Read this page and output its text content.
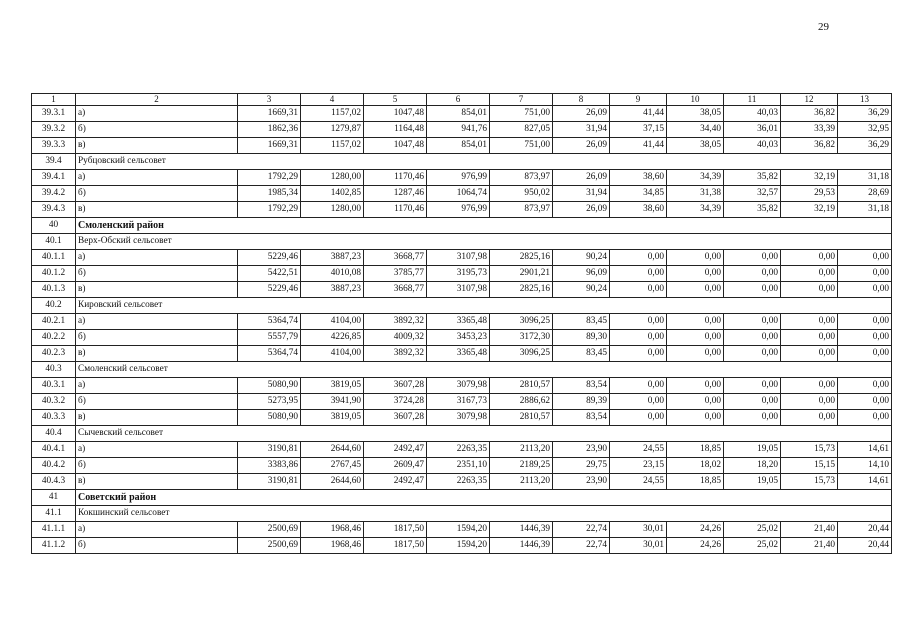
29
1	2	3	4	5	6	7	8	9	10	11	12	13
39.3.1	а)	1669,31	1157,02	1047,48	854,01	751,00	26,09	41,44	38,05	40,03	36,82	36,29
39.3.2	б)	1862,36	1279,87	1164,48	941,76	827,05	31,94	37,15	34,40	36,01	33,39	32,95
39.3.3	в)	1669,31	1157,02	1047,48	854,01	751,00	26,09	41,44	38,05	40,03	36,82	36,29
39.4	Рубцовский сельсовет											
39.4.1	а)	1792,29	1280,00	1170,46	976,99	873,97	26,09	38,60	34,39	35,82	32,19	31,18
39.4.2	б)	1985,34	1402,85	1287,46	1064,74	950,02	31,94	34,85	31,38	32,57	29,53	28,69
39.4.3	в)	1792,29	1280,00	1170,46	976,99	873,97	26,09	38,60	34,39	35,82	32,19	31,18
40	Смоленский район											
40.1	Верх-Обский сельсовет											
40.1.1	а)	5229,46	3887,23	3668,77	3107,98	2825,16	90,24	0,00	0,00	0,00	0,00	0,00
40.1.2	б)	5422,51	4010,08	3785,77	3195,73	2901,21	96,09	0,00	0,00	0,00	0,00	0,00
40.1.3	в)	5229,46	3887,23	3668,77	3107,98	2825,16	90,24	0,00	0,00	0,00	0,00	0,00
40.2	Кировский сельсовет											
40.2.1	а)	5364,74	4104,00	3892,32	3365,48	3096,25	83,45	0,00	0,00	0,00	0,00	0,00
40.2.2	б)	5557,79	4226,85	4009,32	3453,23	3172,30	89,30	0,00	0,00	0,00	0,00	0,00
40.2.3	в)	5364,74	4104,00	3892,32	3365,48	3096,25	83,45	0,00	0,00	0,00	0,00	0,00
40.3	Смоленский сельсовет											
40.3.1	а)	5080,90	3819,05	3607,28	3079,98	2810,57	83,54	0,00	0,00	0,00	0,00	0,00
40.3.2	б)	5273,95	3941,90	3724,28	3167,73	2886,62	89,39	0,00	0,00	0,00	0,00	0,00
40.3.3	в)	5080,90	3819,05	3607,28	3079,98	2810,57	83,54	0,00	0,00	0,00	0,00	0,00
40.4	Сычевский сельсовет											
40.4.1	а)	3190,81	2644,60	2492,47	2263,35	2113,20	23,90	24,55	18,85	19,05	15,73	14,61
40.4.2	б)	3383,86	2767,45	2609,47	2351,10	2189,25	29,75	23,15	18,02	18,20	15,15	14,10
40.4.3	в)	3190,81	2644,60	2492,47	2263,35	2113,20	23,90	24,55	18,85	19,05	15,73	14,61
41	Советский район											
41.1	Кокшинский сельсовет											
41.1.1	а)	2500,69	1968,46	1817,50	1594,20	1446,39	22,74	30,01	24,26	25,02	21,40	20,44
41.1.2	б)	2500,69	1968,46	1817,50	1594,20	1446,39	22,74	30,01	24,26	25,02	21,40	20,44
